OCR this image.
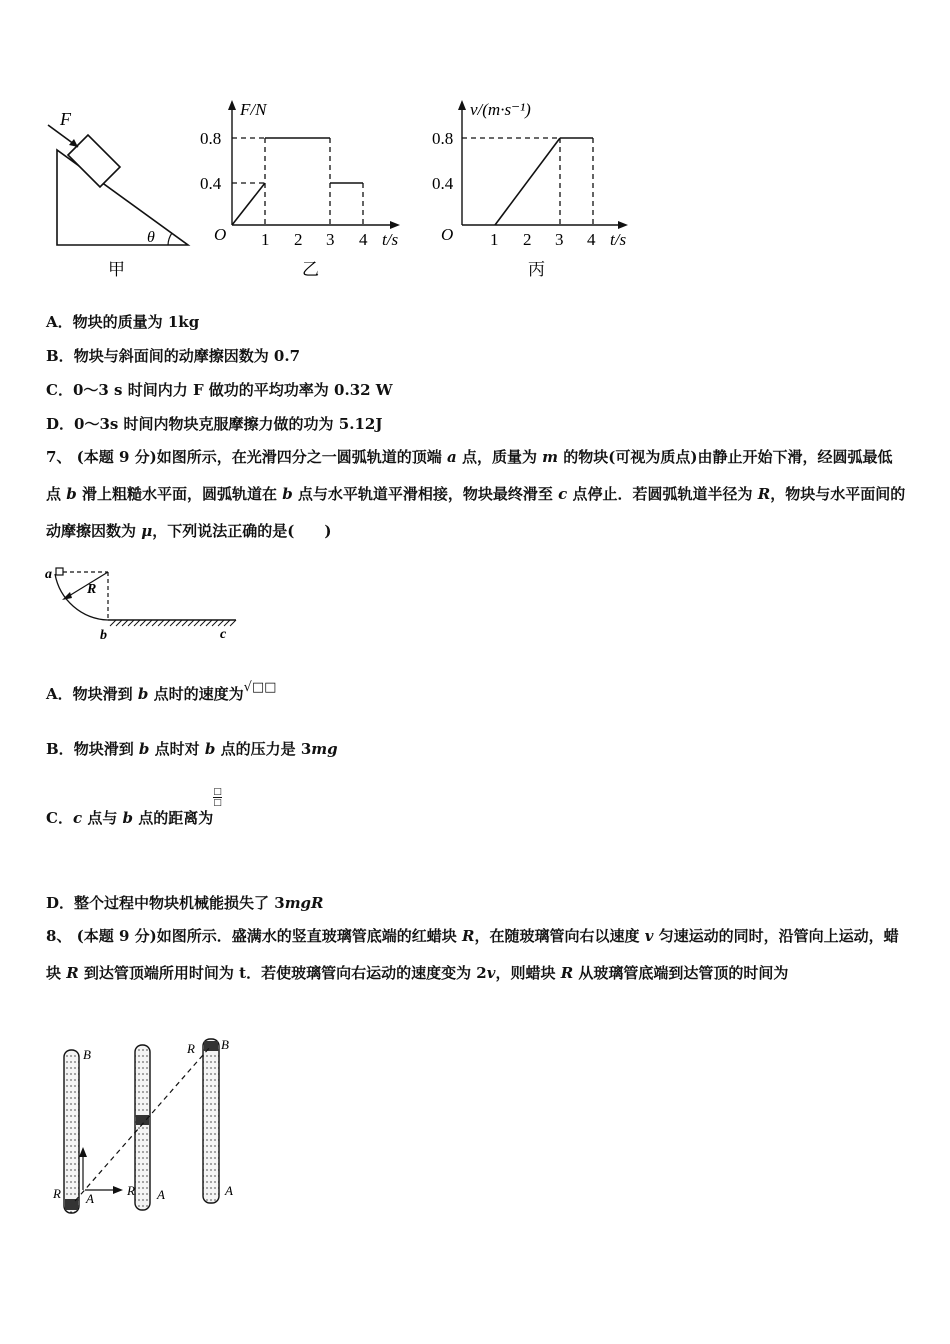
F
θ
甲
F/N
t/s
O
0.8
0.4
1 2 3 4
乙
v/(m·s⁻¹)
t/s
O
0.8
0.4
1 2 3 4
丙
A．物块的质量为 1kg
B．物块与斜面间的动摩擦因数为 0.7
C．0～3 s 时间内力 F 做功的平均功率为 0.32 W
D．0～3s 时间内物块克服摩擦力做的功为 5.12J
7、 (本题 9 分)如图所示，在光滑四分之一圆弧轨道的顶端 a 点，质量为 m 的物块(可视为质点)由静止开始下滑，经圆弧最低点 b 滑上粗糙水平面，圆弧轨道在 b 点与水平轨道平滑相接，物块最终滑至 c 点停止．若圆弧轨道半径为 R，物块与水平面间的动摩擦因数为 μ，下列说法正确的是(　　)
a
R
b	c
A．物块滑到 b 点时的速度为√□□
B．物块滑到 b 点时对 b 点的压力是 3mg
C．c 点与 b 点的距离为
$\frac{□}{□}$
D．整个过程中物块机械能损失了 3mgR
8、 (本题 9 分)如图所示．盛满水的竖直玻璃管底端的红蜡块 R，在随玻璃管向右以速度 v 匀速运动的同时，沿管向上运动，蜡块 R 到达管顶端所用时间为 t．若使玻璃管向右运动的速度变为 2v，则蜡块 R 从玻璃管底端到达管顶的时间为
B
R A
R A
B
R
A
